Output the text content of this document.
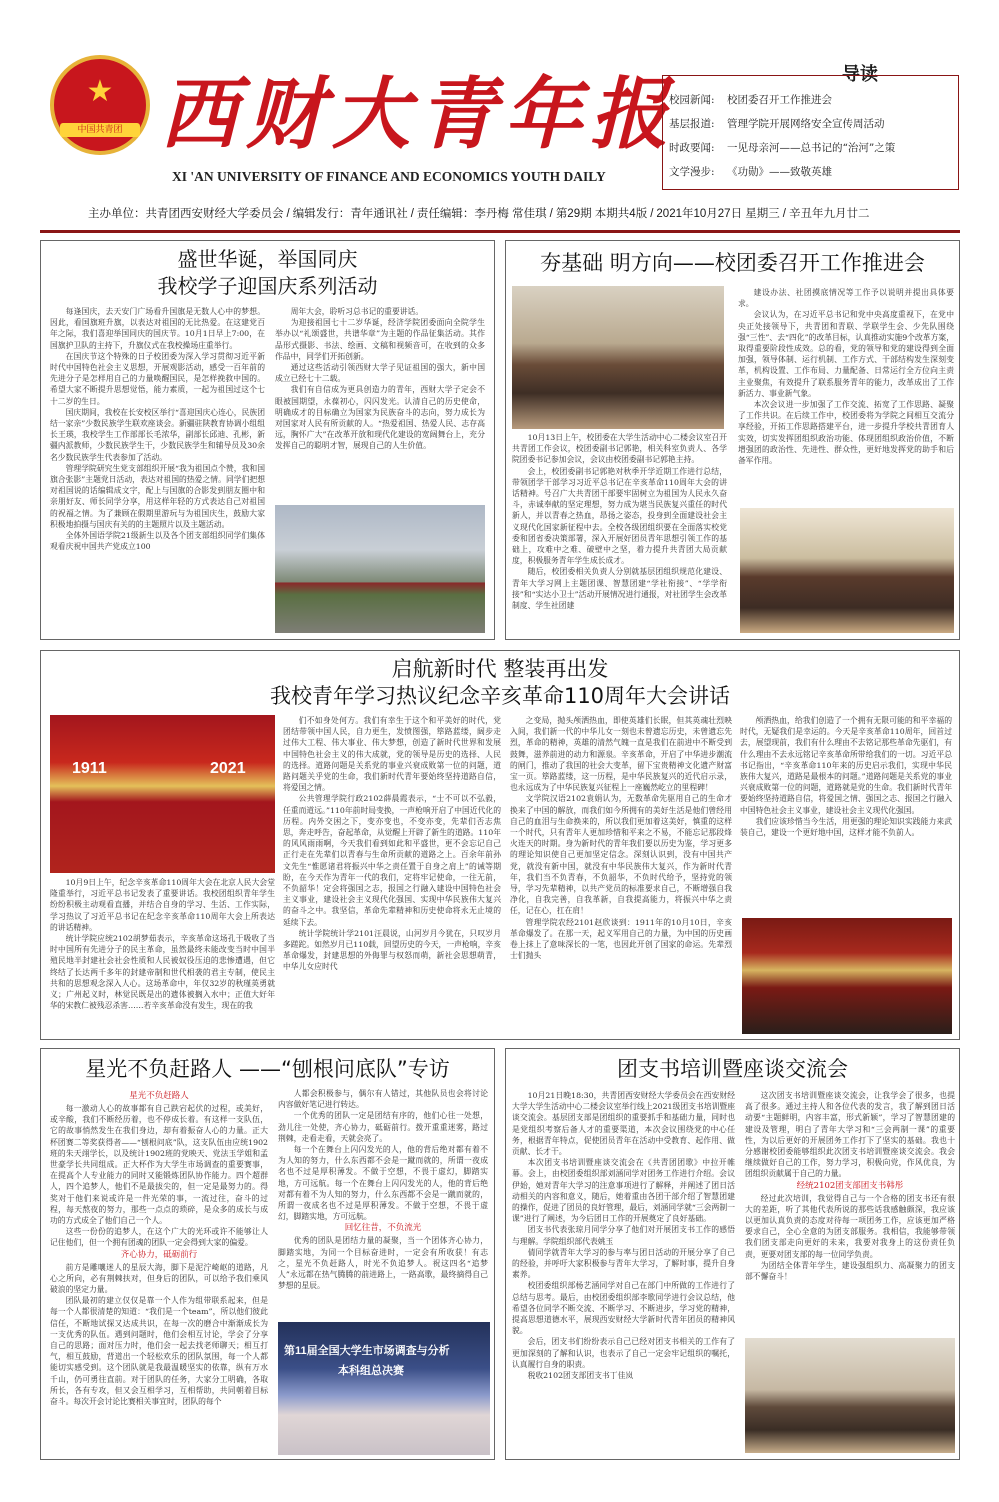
★
中国共青团 西财大青年报
XI 'AN UNIVERSITY OF FINANCE AND ECONOMICS YOUTH DAILY
导读
校园新闻:	校团委召开工作推进会
基层报道:	管理学院开展网络安全宣传周活动
时政要闻:	一见母亲河——总书记的“治河”之策
文学漫步:	《功勋》——致敬英雄
主办单位：共青团西安财经大学委员会 / 编辑发行：青年通讯社 / 责任编辑：李丹梅 常佳琪 / 第29期 本期共4版 / 2021年10月27日 星期三 / 辛丑年九月廿二
盛世华诞，举国同庆
我校学子迎国庆系列活动

每逢国庆，去天安门广场看升国旗是无数人心中的梦想。因此，看国旗班升旗，以表达对祖国的无比热爱。在这建党百年之际，我们喜迎举国同庆的国庆节。10月1日早上7:00，在国旗护卫队的主持下，升旗仪式在我校操场庄重举行。

在国庆节这个特殊的日子校团委为深入学习贯彻习近平新时代中国特色社会主义思想，开展观影活动，感受一百年前的先进分子是怎样用自己的力量唤醒国民，是怎样挽救中国的。希望大家不断提升思想觉悟，能力素质，一起为祖国过这个七十二岁的生日。

国庆期间，我校在长安校区举行“喜迎国庆心连心，民族团结一家亲”少数民族学生联欢座谈会。新疆驻陕教育协调小组组长王瑛，我校学生工作部部长毛浓华，副部长邱迪、孔彬，新疆内派教师，少数民族学生干，少数民族学生和辅导员及30余名少数民族学生代表参加了活动。

管理学院研究生党支部组织开展“我为祖国点个赞，我和国旗合张影”主题党日活动，表达对祖国的热爱之情。同学们把想对祖国说的话编辑成文字，配上与国旗的合影发到朋友圈中和亲朋好友、师长同学分享，用这样年轻的方式表达自己对祖国的祝福之情。为了兼顾在假期里游玩与为祖国庆生，鼓励大家积极地拍摄与国庆有关的的主题照片以及主题活动。

全体外国语学院21级新生以及各个团支部组织同学们集体观看庆祝中国共产党成立100

周年大会，聆听习总书记的重要讲话。

为迎接祖国七十二岁华诞，经济学院团委面向全院学生举办以“礼颂盛世，共谱华章”为主题的作品征集活动。其作品形式摄影、书法、绘画、文稿和视频音可，在收到的众多作品中，同学们开拓创新。

通过这些活动引领西财大学子见证祖国的强大，新中国成立已经七十二载。

我们有自信成为更具创造力的青年，西财大学子定会不眼被国期望，永葆初心，闪闪发光。认清自己的历史使命，明确成才的目标确立为国家为民族奋斗的志向，努力成长为对国家对人民有所贡献的人。“热爱祖国、热爱人民、志存高远，胸怀广大”在改革开放和现代化建设的宽阔舞台上，充分发挥自己的聪明才智，展现自己的人生价值。

夯基础 明方向——校团委召开工作推进会

10月13日上午，校团委在大学生活动中心二楼会议室召开共青团工作会议，校团委副书记郭艳，相关科室负责人、各学院团委书记参加会议，会议由校团委副书记郭艳主持。

会上，校团委副书记郭艳对秋季开学近期工作进行总结，带领团学干部学习习近平总书记在辛亥革命110周年大会的讲话精神。号召广大共青团干部要牢固树立为祖国为人民永久奋斗，赤诚奉献的坚定理想，努力成为堪当民族复兴重任的时代新人，并以青春之热血，昂扬之姿态，投身到全面建设社会主义现代化国家新征程中去。全校各级团组织要在全面落实校党委和团省委决策部署，深入开展好团员青年思想引领工作的基础上，攻难中之难、破壁中之坚，着力提升共青团大局贡献度，积极服务青年学生成长成才。

随后，校团委相关负责人分别就基层团组织规范化建设、青年大学习网上主题团课、智慧团建“学社衔接”、“学学衔接”和“实达小卫士”活动开展情况进行通报，对社团学生会改革制度、学生社团建

建设办法、社团摸底情况等工作予以说明并提出具体要求。

会议认为，在习近平总书记和党中央高度重视下，在党中央正处接领导下，共青团和青联、学联学生会、少先队围绕强“三性”、去“四化”的改革目标，认真推动实施9个改革方案，取得重要阶段性成效。总的看，党的领导和党的建设得到全面加强，领导体制、运行机制、工作方式、干部结构发生深刻变革，机构设置、工作布局、力量配备、日常运行全方位向主责主业聚焦，有效提升了联系服务青年的能力，改革成出了工作新活力、事业新气象。

本次会议进一步加强了工作交流、拓宽了工作思路、凝聚了工作共识。在后续工作中，校团委将为学院之间相互交流分享经验，开拓工作思路搭建平台，进一步提升学校共青团育人实效，切实发挥团组织政治功能、体现团组织政治价值，不断增强团的政治性、先进性、群众性，更好地发挥党的助手和后备军作用。

启航新时代 整装再出发
我校青年学习热议纪念辛亥革命110周年大会讲话
1911	2021

10月9日上午，纪念辛亥革命110周年大会在北京人民大会堂隆重举行，习近平总书记发表了重要讲话。我校团组织青年学生纷纷积极主动观看直播，并结合自身的学习、生活、工作实际，学习热议了习近平总书记在纪念辛亥革命110周年大会上所表达的讲话精神。

统计学院应统2102胡梦茹表示，辛亥革命这场孔于吸收了当时中国所有先进分子的民主革命，虽然最终未能改变当时中国半殖民地半封建社会社会性质和人民被奴役压迫的悲惨遭遇，但它终结了长达两千多年的封建帝制和世代相袭的君主专制，使民主共和的思想观念深入人心。这场革命中，年仅32岁的秋瑾英勇就义；广州起义时，林觉民既是出的遗体被搁入水中；正值大好年华的宋教仁被残忍杀害……若辛亥革命没有发生，现在的我

们不如身处何方。我们有幸生于这个和平美好的时代，党团结带领中国人民，自力更生，发愤图强，筚路蓝缕，阔步走过伟大工程、伟大事业、伟大梦想，创造了新时代世界和发展中国特色社会主义的伟大成就，党的领导是历史的选择、人民的选择。道路问题是关系党的事业兴衰成败第一位的问题，道路问题关乎党的生命，我们新时代青年要始终坚持道路自信，将爱国之情。

公共管理学院行政2102薛晨霞表示，“士不可以不弘毅，任重而道远。”110年前时局变换，一声枪响开启了中国近代化的历程。内外交困之下，变亦变也，不变亦变，先辈们否志焦思，奔走呼告，奋起革命，从觉醒上开辟了新生的道路。110年的风风雨雨啊，今天我们看到如此和平盛世，更不会忘记自己正行走在先辈们以青春与生命所贡献的道路之上。百余年前孙文先生“惟愿诸君将振兴中华之责任置于自身之肩上”的诫等期盼，在今天作为青年一代的我们，定将牢记使命，一往无前，不负韶华！定会将强国之志，报国之行融入建设中国特色社会主义事业，建设社会主义现代化强国、实现中华民族伟大复兴的奋斗之中。我坚信，革命先辈精神和历史使命将永无止境的延续下去。

统计学院统计学2101汪晨说，山河岁月今犹在，只叹岁月多蹉跎。如然岁月已110载，回望历史的今天，一声枪响，辛亥革命爆发，封建思想的外侮罪与权怒而萌，新社会思想萌青，中华儿女应时代

之变局，抛头颅洒热血，即使英雄们长眠，但其英魂壮烈映入间，我们新一代的中华儿女一刻也未曾遗忘历史，未曾遗忘先烈，革命的精神，英雄的清然气魄一直是我们在前进中不断受到鼓舞，滋养前进的动力和源泉。辛亥革命，开启了中华进步潮流的闸门，推动了我国的社会大变革，留下宝贵精神文化遗产财富宝一页。筚路蓝缕，这一历程，是中华民族复兴的近代启示录，也永远成为了中华民族复兴征程上一座巍然屹立的里程碑！

文学院汉语2102袁娟认为，无数革命先驱用自己的生命才换来了中国的解放，而我们如今所拥有的美好生活是他们曾经用自己的血泪与生命换来的，所以我们更加着这美好，慎重的这样一个时代，只有青年人更加珍惜和平来之不易，不能忘记那段烽火连天的时期。身为新时代的青年我们要以历史为鉴，学习更多的理论知识使自己更加坚定信念。深刻认识到，没有中国共产党，就没有新中国，就没有中华民族伟大复兴，作为新时代青年，我们当不负青春，不负韶华，不负时代给予，坚持党的领导，学习先辈精神，以共产党员的标准要求自己，不断增强自我净化，自我完善，自我革新，自我提高能力，将振兴中华之责任，记在心，扛在肩！

管理学院农经2101赵欣谈到：1911年的10月10日，辛亥革命爆发了。在那一天，起义军用自己的力量，为中国的历史画卷上抹上了意味深长的一笔，也因此开创了国家的命运。先辈烈士们抛头

颅洒热血，给我们创造了一个拥有无限可能的和平幸福的时代，无疑我们是幸运的。今天是辛亥革命110周年，回首过去，展望现前，我们有什么理由不去铭记那些革命先驱们，有什么理由不去永远铭记辛亥革命所带给我们的一切。习近平总书记指出，“辛亥革命110年来的历史启示我们，实现中华民族伟大复兴，道路是最根本的问题。”道路问题是关系党的事业兴衰成败第一位的问题，道路就是党的生命。我们新时代青年要始终坚持道路自信，将爱国之情、强国之志、报国之行融入中国特色社会主义事业，建设社会主义现代化强国。

我们应该珍惜当今生活，用更强的理论知识实践能力来武装自己，建设一个更好地中国，这样才能不负前人。

星光不负赶路人 ——“刨根问底队”专访
星光不负赶路人

每一激动人心的故事都有自己跌宕起伏的过程，或美好，或辛酸，我们不断经历着，也不停成长着。有这样一支队伍，它的故事悄然发生在我们身边，却有着振奋人心的力量。正大杯团赛二等奖获得者——“刨根问底”队，这支队伍由应统1902班的朱天翊学长，以及统计1902班的党映天、党法玉学姐和孟世豪学长共同组成。正大杯作为大学生市场调查的重要赛事，在提高个人专业能力的同时又能锻炼团队协作能力。四个超群人，四个追梦人，他们不是最拔尖的，但一定是最努力的。得奖对于他们来说或许是一件光荣的事，一流过往，奋斗的过程，每天熬夜的努力，那些一点点的琐碎，是众多的成长与成功的方式成全了他们自己一个人。

这些一份份的追梦人，在这个广大的光环或许不能够让人记住他们，但一个拥有团魂的团队一定会得到大家的偏爱。

齐心协力，砥砺前行

前方是雕嚷迷人的星辰大海，脚下是泥泞崎岖的道路，凡心之所向，必有荆棘扶对，但身后的团队，可以给予我们乘风破浪的坚定力量。

团队最初的建立仅仅是靠一个人作为组带联系起来，但是每一个人都很清楚的知道：“我们是一个team”，所以他们彼此信任，不断地试探又达成共识，在每一次的磨合中渐渐成长为一支优秀的队伍。遇到问题时，他们会相互讨论，学会了分享自己的思路；面对压力时，他们会一起去找老师聊天；相互打气，相互鼓励，背道出一个轻松欢乐的团队氛围，每一个人都能切实感受到。这个团队就是我最温暖坚实的依靠，纵有万水千山，仍可勇往直前。对于团队的任务，大家分工明确，各取所长，各有专攻，但又会互相学习，互相帮助，共同朝着目标奋斗。每次开会讨论比赛相关事宜时，团队的每个

人都会积极参与，偶尔有人错过，其他队员也会将讨论内容做好笔记进行转达。

一个优秀的团队一定是团结有序的，他们心往一处想，劲儿往一处使，齐心协力，砥砺前行。拨开重重迷雾，路过荆棘，走看走看，天就会亮了。

每一个在舞台上闪闪发光的人，他的背后绝对都有着不为人知的努力，什么东西都不会是一蹴而就的，所谓一夜成名也不过是厚积薄发。不做于空想，不畏于虚幻，脚踏实地，方可远航。每一个在舞台上闪闪发光的人，他的背后绝对都有着不为人知的努力，什么东西都不会是一蹴而就的，所谓一夜成名也不过是厚积薄发。不做于空想，不畏于虚幻，脚踏实地，方可远航。

回忆往昔，不负流光

优秀的团队是团结力量的凝聚，当一个团体齐心协力，脚踏实地，为同一个目标奋进时，一定会有所收获！有志之，星光不负赶路人，时光不负追梦人。祝这四名“追梦人”永远都在热气腾腾的前进路上，一路高歌，最终摘得自己梦想的星辰。

第11届全国大学生市场调查与分析
本科组总决赛
团支书培训暨座谈交流会

10月21日晚18:30，共青团西安财经大学委员会在西安财经大学大学生活动中心二楼会议室举行线上2021级团支书培训暨座谈交流会。基层团支部是团组织的重要抓手和基础力量，同时也是党组织考察后备人才的重要渠道，本次会议围绕党的中心任务，根据青年特点，促使团员青年在活动中受教育、起作用、做贡献、长才干。

本次团支书培训暨座谈交流会在《共青团团歌》中拉开帷幕。会上，由校团委组织部刘涵同学对团务工作进行介绍。会议伊始，她对青年大学习的注意事项进行了解释，并阐述了团日活动相关的内容和意义，随后，她着重由各团干部介绍了智慧团建的操作，促进了团员的良好管理，最后，刘涵同学就“三会两制一课”进行了阐述，为今后团日工作的开展奠定了良好基础。

团支书代表张琼月同学分享了他们对开展团支书工作的感悟与理解。学院组织部代表姚玉

倩同学就青年大学习的参与率与团日活动的开展分享了自己的经验，并呼吁大家积极参与青年大学习，了解时事，提升自身素养。

校团委组织部杨艺涵同学对自己在部门中所做的工作进行了总结与思考。最后，由校团委组织部李歌同学进行会议总结，他希望各位同学不断交流、不断学习、不断进步，学习党的精神，提高思想道德水平，展现西安财经大学新时代青年团员的精神风貌。

会后，团支书们纷纷表示自己已经对团支书相关的工作有了更加深刻的了解和认识，也表示了自己一定会牢记组织的嘱托，认真履行自身的职责。

税收2102团支部团支书丁佳岚

这次团支书培训暨座谈交流会，让我学会了很多，也提高了很多。通过主持人和各位代表的发言，我了解到团日活动要“主题鲜明，内容丰富，形式新颖”，学习了智慧团建的建设及管理，明白了青年大学习和“三会两制一课”的重要性，为以后更好的开展团务工作打下了坚实的基础。我也十分感谢校团委能够组织此次团支书培训暨座谈交流会。我会继续做好自己的工作，努力学习，积极向党，作风优良，为团组织贡献属于自己的力量。

经统2102团支部团支书韩彤

经过此次培训，我觉得自己与一个合格的团支书还有很大的差距，听了其他代表所说的那些话我感触颇深，我应该以更加认真负责的态度对待每一项团务工作，应该更加严格要求自己，全心全意的为团支部服务。我相信，我能够带领我们团支部走向更好的未来，我要对我身上的这份责任负责，更要对团支部的每一位同学负责。

为团结全体青年学生，建设强组织力、高凝聚力的团支部不懈奋斗！
